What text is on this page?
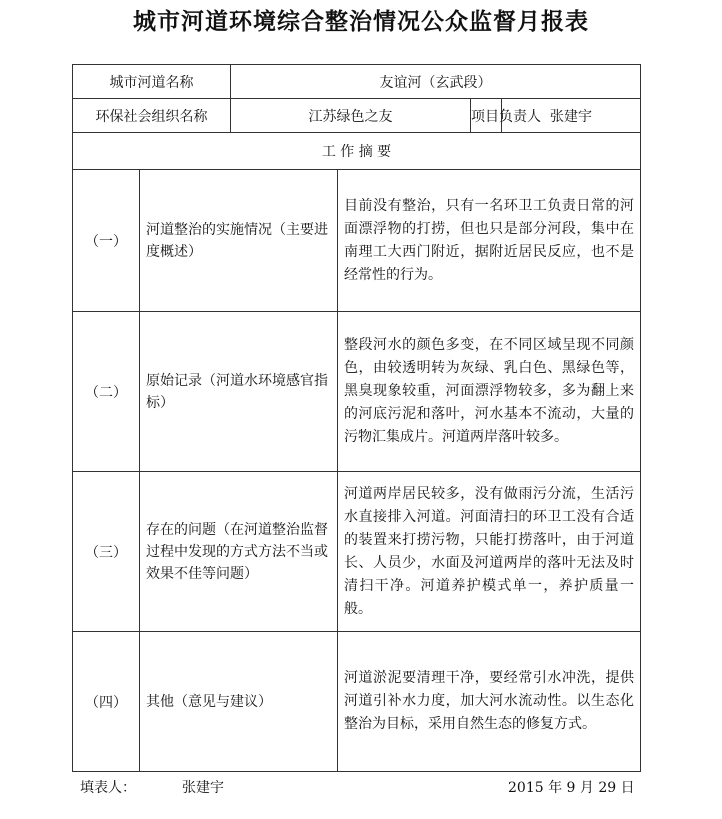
城市河道环境综合整治情况公众监督月报表
城市河道名称		友谊河（玄武段）			
环保社会组织名称		江苏绿色之友		项目负责人	张建宇
工 作 摘 要					
（一）	河道整治的实施情况（主要进度概述）		目前没有整治，只有一名环卫工负责日常的河面漂浮物的打捞，但也只是部分河段，集中在南理工大西门附近，据附近居民反应，也不是经常性的行为。		
（二）	原始记录（河道水环境感官指标）		整段河水的颜色多变，在不同区域呈现不同颜色，由较透明转为灰绿、乳白色、黑绿色等，黑臭现象较重，河面漂浮物较多，多为翻上来的河底污泥和落叶，河水基本不流动，大量的污物汇集成片。河道两岸落叶较多。		
（三）	存在的问题（在河道整治监督过程中发现的方式方法不当或效果不佳等问题）		河道两岸居民较多，没有做雨污分流，生活污水直接排入河道。河面清扫的环卫工没有合适的装置来打捞污物，只能打捞落叶，由于河道长、人员少，水面及河道两岸的落叶无法及时清扫干净。河道养护模式单一，养护质量一般。		
（四）	其他（意见与建议）		河道淤泥要清理干净，要经常引水冲洗，提供河道引补水力度，加大河水流动性。以生态化整治为目标，采用自然生态的修复方式。		
填表人：	张建宇	2015 年 9 月 29 日
